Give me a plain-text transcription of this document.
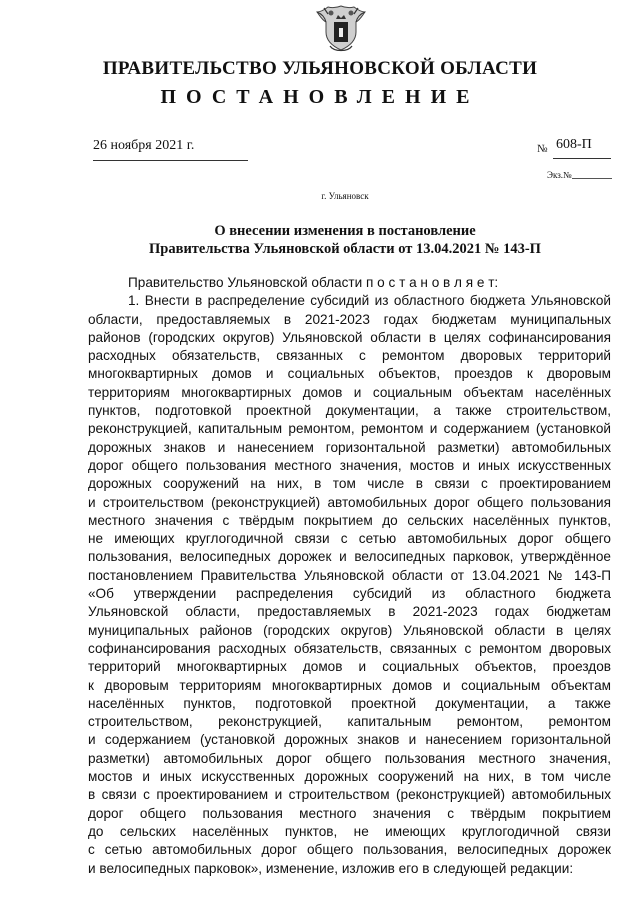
ПРАВИТЕЛЬСТВО УЛЬЯНОВСКОЙ ОБЛАСТИ
ПОСТАНОВЛЕНИЕ
26 ноября 2021 г.	№ 608-П
Экз.№
г. Ульяновск
О внесении изменения в постановление
Правительства Ульяновской области от 13.04.2021 № 143-П
Правительство Ульяновской области п о с т а н о в л я е т:
1. Внести в распределение субсидий из областного бюджета Ульяновской
области, предоставляемых в 2021-2023 годах бюджетам муниципальных
районов (городских округов) Ульяновской области в целях софинансирования
расходных обязательств, связанных с ремонтом дворовых территорий
многоквартирных домов и социальных объектов, проездов к дворовым
территориям многоквартирных домов и социальным объектам населённых
пунктов, подготовкой проектной документации, а также строительством,
реконструкцией, капитальным ремонтом, ремонтом и содержанием (установкой
дорожных знаков и нанесением горизонтальной разметки) автомобильных
дорог общего пользования местного значения, мостов и иных искусственных
дорожных сооружений на них, в том числе в связи с проектированием
и строительством (реконструкцией) автомобильных дорог общего пользования
местного значения с твёрдым покрытием до сельских населённых пунктов,
не имеющих круглогодичной связи с сетью автомобильных дорог общего
пользования, велосипедных дорожек и велосипедных парковок, утверждённое
постановлением Правительства Ульяновской области от 13.04.2021 № 143-П
«Об утверждении распределения субсидий из областного бюджета
Ульяновской области, предоставляемых в 2021-2023 годах бюджетам
муниципальных районов (городских округов) Ульяновской области в целях
софинансирования расходных обязательств, связанных с ремонтом дворовых
территорий многоквартирных домов и социальных объектов, проездов
к дворовым территориям многоквартирных домов и социальным объектам
населённых пунктов, подготовкой проектной документации, а также
строительством, реконструкцией, капитальным ремонтом, ремонтом
и содержанием (установкой дорожных знаков и нанесением горизонтальной
разметки) автомобильных дорог общего пользования местного значения,
мостов и иных искусственных дорожных сооружений на них, в том числе
в связи с проектированием и строительством (реконструкцией) автомобильных
дорог общего пользования местного значения с твёрдым покрытием
до сельских населённых пунктов, не имеющих круглогодичной связи
с сетью автомобильных дорог общего пользования, велосипедных дорожек
и велосипедных парковок», изменение, изложив его в следующей редакции:
